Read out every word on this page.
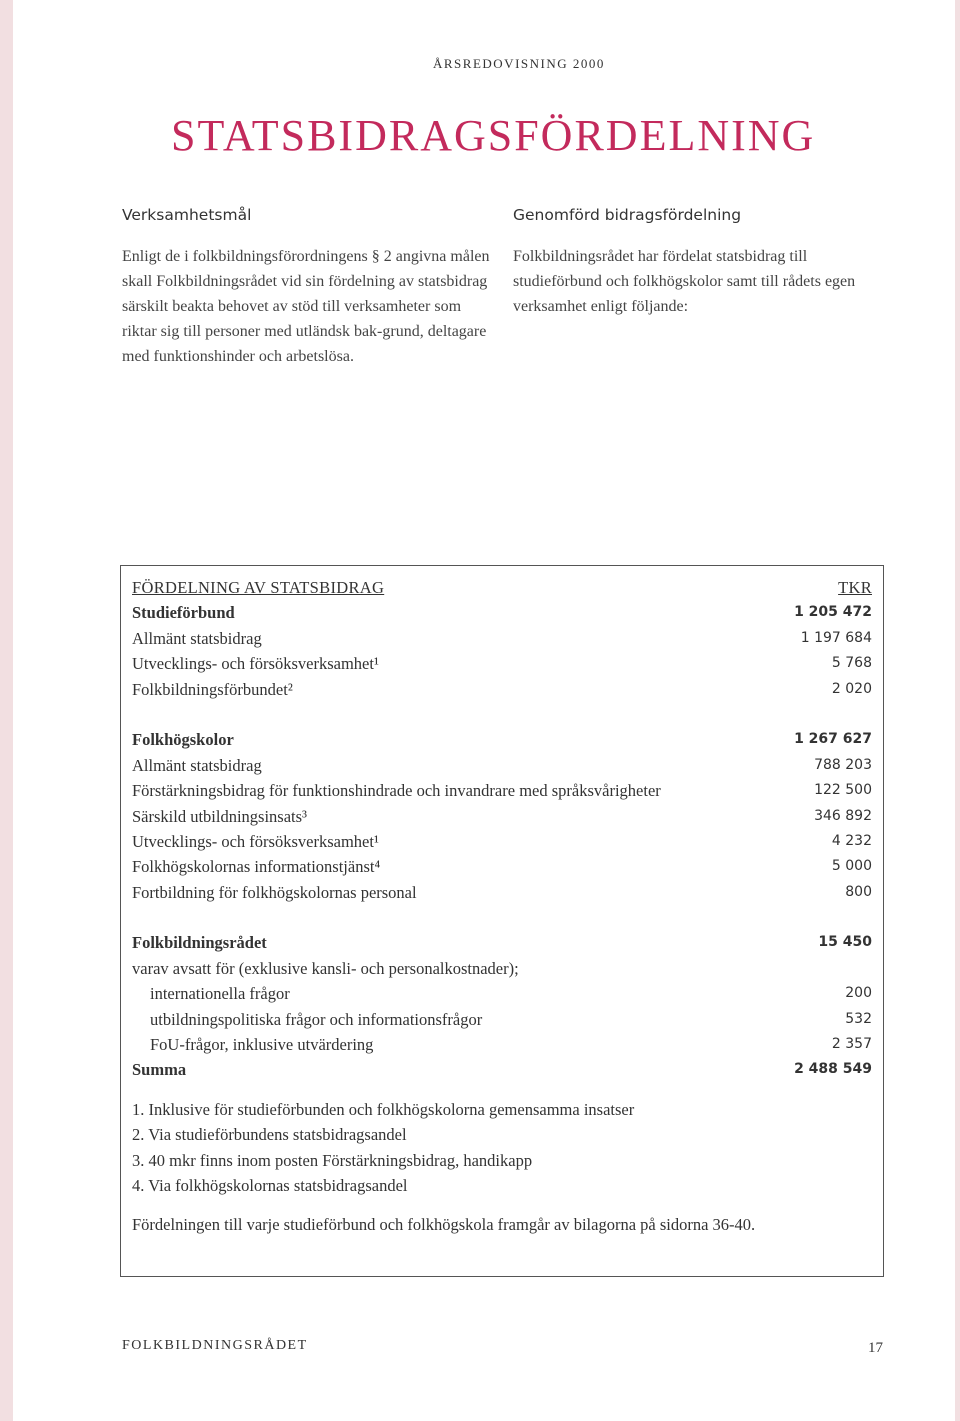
ÅRSREDOVISNING 2000
STATSBIDRAGSFÖRDELNING
Verksamhetsmål

Enligt de i folkbildningsförordningens § 2 angivna målen skall Folkbildningsrådet vid sin fördelning av statsbidrag särskilt beakta behovet av stöd till verksamheter som riktar sig till personer med utländsk bak-grund, deltagare med funktionshinder och arbetslösa.

Genomförd bidragsfördelning

Folkbildningsrådet har fördelat statsbidrag till studieförbund och folkhögskolor samt till rådets egen verksamhet enligt följande:

FÖRDELNING AV STATSBIDRAG	TKR
Studieförbund	1 205 472
Allmänt statsbidrag	1 197 684
Utvecklings- och försöksverksamhet¹	5 768
Folkbildningsförbundet²	2 020
Folkhögskolor	1 267 627
Allmänt statsbidrag	788 203
Förstärkningsbidrag för funktionshindrade och invandrare med språksvårigheter	122 500
Särskild utbildningsinsats³	346 892
Utvecklings- och försöksverksamhet¹	4 232
Folkhögskolornas informationstjänst⁴	5 000
Fortbildning för folkhögskolornas personal	800
Folkbildningsrådet	15 450
varav avsatt för (exklusive kansli- och personalkostnader);
internationella frågor	200
utbildningspolitiska frågor och informationsfrågor	532
FoU-frågor, inklusive utvärdering	2 357
Summa	2 488 549
1. Inklusive för studieförbunden och folkhögskolorna gemensamma insatser
2. Via studieförbundens statsbidragsandel
3. 40 mkr finns inom posten Förstärkningsbidrag, handikapp
4. Via folkhögskolornas statsbidragsandel
Fördelningen till varje studieförbund och folkhögskola framgår av bilagorna på sidorna 36-40.
FOLKBILDNINGSRÅDET	17
